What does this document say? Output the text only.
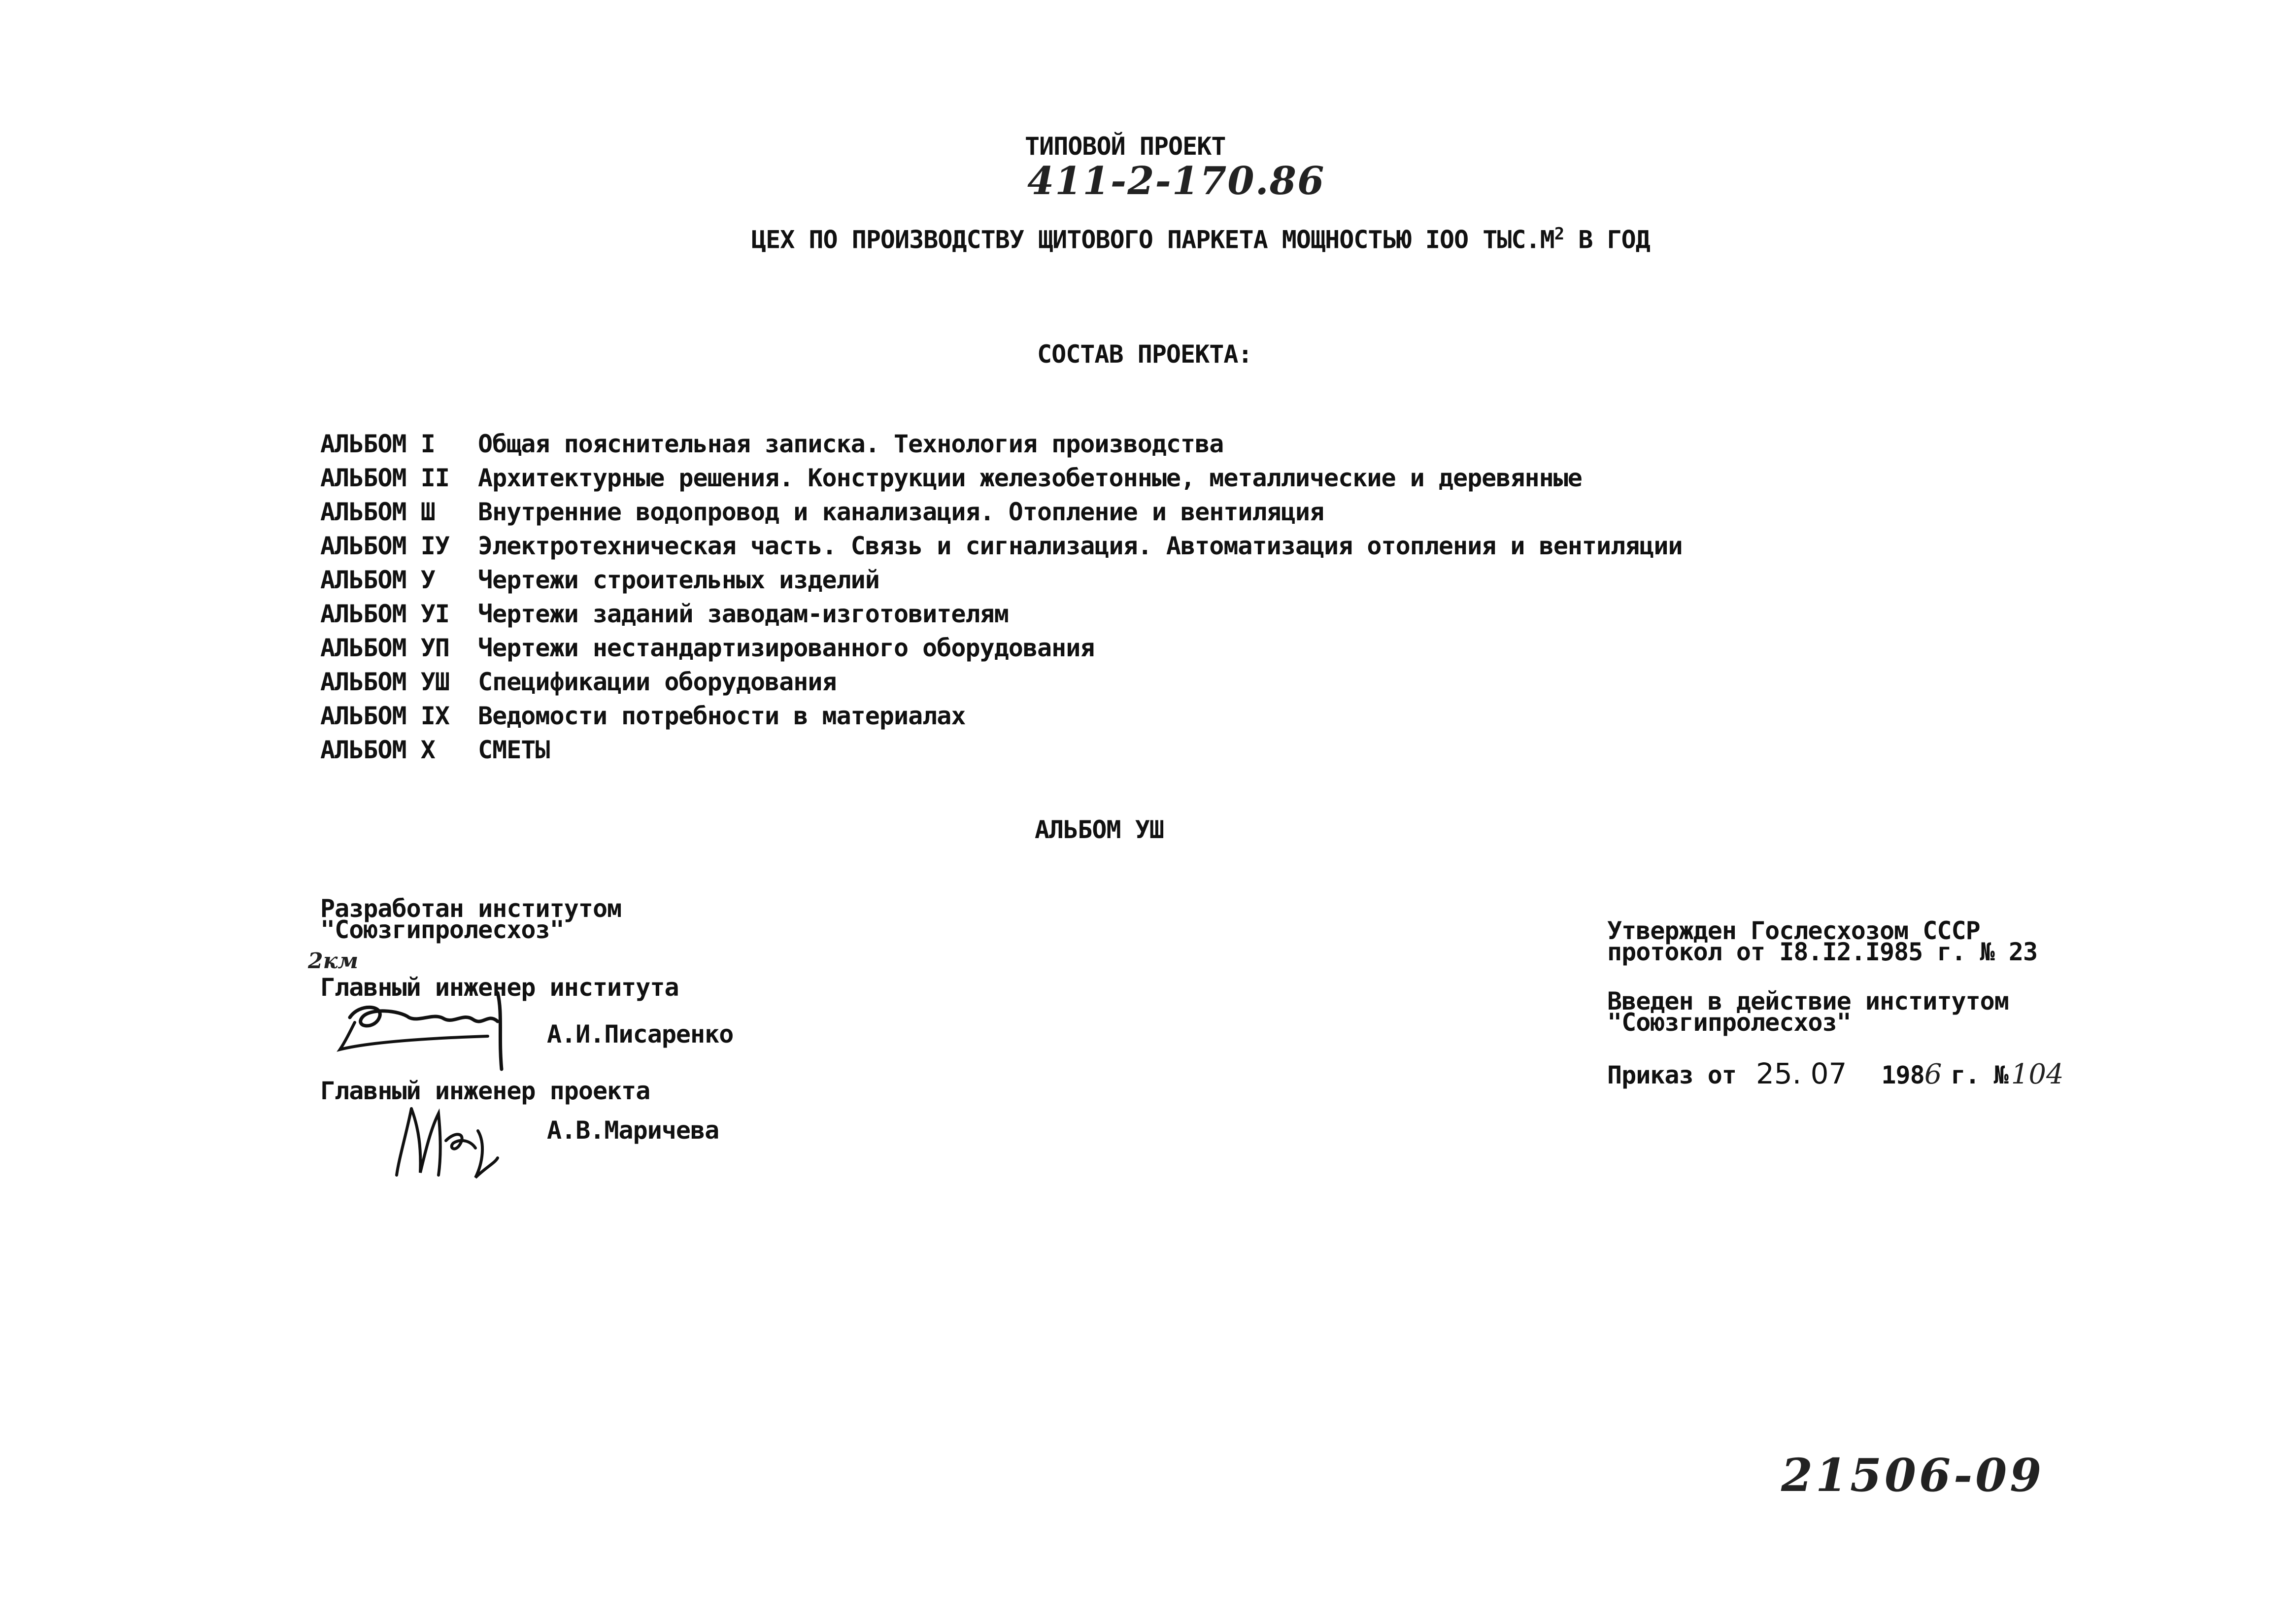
ТИПОВОЙ ПРОЕКТ
411-2-170.86
ЦЕХ ПО ПРОИЗВОДСТВУ ЩИТОВОГО ПАРКЕТА МОЩНОСТЬЮ IOO $ТЫС.М^2$ В ГОД
СОСТАВ ПРОЕКТА:
АЛЬБОМ I	Общая пояснительная записка. Технология производства
АЛЬБОМ II	Архитектурные решения. Конструкции железобетонные, металлические и деревянные
АЛЬБОМ Ш	Внутренние водопровод и канализация. Отопление и вентиляция
АЛЬБОМ IУ	Электротехническая часть. Связь и сигнализация. Автоматизация отопления и вентиляции
АЛЬБОМ У	Чертежи строительных изделий
АЛЬБОМ УI	Чертежи заданий заводам-изготовителям
АЛЬБОМ УП	Чертежи нестандартизированного оборудования
АЛЬБОМ УШ	Спецификации оборудования
АЛЬБОМ IX	Ведомости потребности в материалах
АЛЬБОМ X	СМЕТЫ
АЛЬБОМ УШ
Разработан институтом
"Союзгипролесхоз"
2км
Главный инженер института
А.И.Писаренко
Главный инженер проекта
А.В.Маричева
Утвержден Гослесхозом СССР
протокол от I8.I2.I985 г. № 23
Введен в действие институтом
"Союзгипролесхоз"
Приказ от 25. 07 198 6 г. № 104
21506-09
